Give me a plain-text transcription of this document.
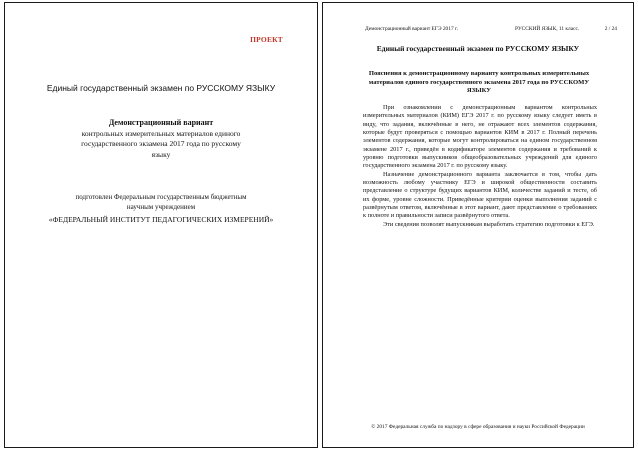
ПРОЕКТ
Единый государственный экзамен по РУССКОМУ ЯЗЫКУ
Демонстрационный вариант
контрольных измерительных материалов единого государственного экзамена 2017 года по русскому языку
подготовлен Федеральным государственным бюджетным научным учреждением
«ФЕДЕРАЛЬНЫЙ ИНСТИТУТ ПЕДАГОГИЧЕСКИХ ИЗМЕРЕНИЙ»
Демонстрационный вариант ЕГЭ 2017 г.	РУССКИЙ ЯЗЫК, 11 класс.	2 / 24
Единый государственный экзамен по РУССКОМУ ЯЗЫКУ
Пояснения к демонстрационному варианту контрольных измерительных материалов единого государственного экзамена 2017 года по РУССКОМУ ЯЗЫКУ

При ознакомлении с демонстрационным вариантом контрольных измерительных материалов (КИМ) ЕГЭ 2017 г. по русскому языку следует иметь в виду, что задания, включённые в него, не отражают всех элементов содержания, которые будут проверяться с помощью вариантов КИМ в 2017 г. Полный перечень элементов содержания, которые могут контролироваться на едином государственном экзамене 2017 г., приведён в кодификаторе элементов содержания и требований к уровню подготовки выпускников общеобразовательных учреждений для единого государственного экзамена 2017 г. по русскому языку.

Назначение демонстрационного варианта заключается в том, чтобы дать возможность любому участнику ЕГЭ и широкой общественности составить представление о структуре будущих вариантов КИМ, количестве заданий и тесте, об их форме, уровне сложности. Приведённые критерии оценки выполнения заданий с развёрнутым ответом, включённые в этот вариант, дают представление о требованиях к полноте и правильности записи развёрнутого ответа.

Эти сведения позволят выпускникам выработать стратегию подготовки к ЕГЭ.

© 2017 Федеральная служба по надзору в сфере образования и науки Российской Федерации
